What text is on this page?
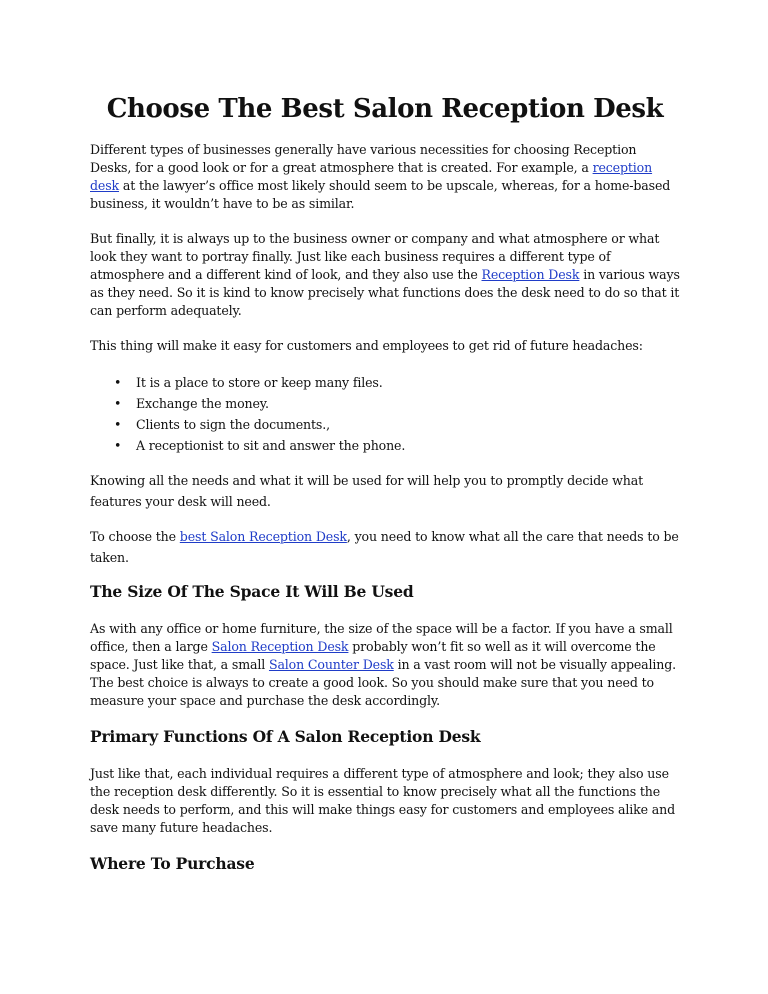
Choose The Best Salon Reception Desk

Different types of businesses generally have various necessities for choosing Reception Desks, for a good look or for a great atmosphere that is created. For example, a reception desk at the lawyer’s office most likely should seem to be upscale, whereas, for a home-based business, it wouldn’t have to be as similar.

But finally, it is always up to the business owner or company and what atmosphere or what look they want to portray finally. Just like each business requires a different type of atmosphere and a different kind of look, and they also use the Reception Desk in various ways as they need. So it is kind to know precisely what functions does the desk need to do so that it can perform adequately.

This thing will make it easy for customers and employees to get rid of future headaches:

• It is a place to store or keep many files.
• Exchange the money.
• Clients to sign the documents.,
• A receptionist to sit and answer the phone.

Knowing all the needs and what it will be used for will help you to promptly decide what features your desk will need.

To choose the best Salon Reception Desk, you need to know what all the care that needs to be taken.

The Size Of The Space It Will Be Used

As with any office or home furniture, the size of the space will be a factor. If you have a small office, then a large Salon Reception Desk probably won’t fit so well as it will overcome the space. Just like that, a small Salon Counter Desk in a vast room will not be visually appealing. The best choice is always to create a good look. So you should make sure that you need to measure your space and purchase the desk accordingly.

Primary Functions Of A Salon Reception Desk

Just like that, each individual requires a different type of atmosphere and look; they also use the reception desk differently. So it is essential to know precisely what all the functions the desk needs to perform, and this will make things easy for customers and employees alike and save many future headaches.

Where To Purchase
